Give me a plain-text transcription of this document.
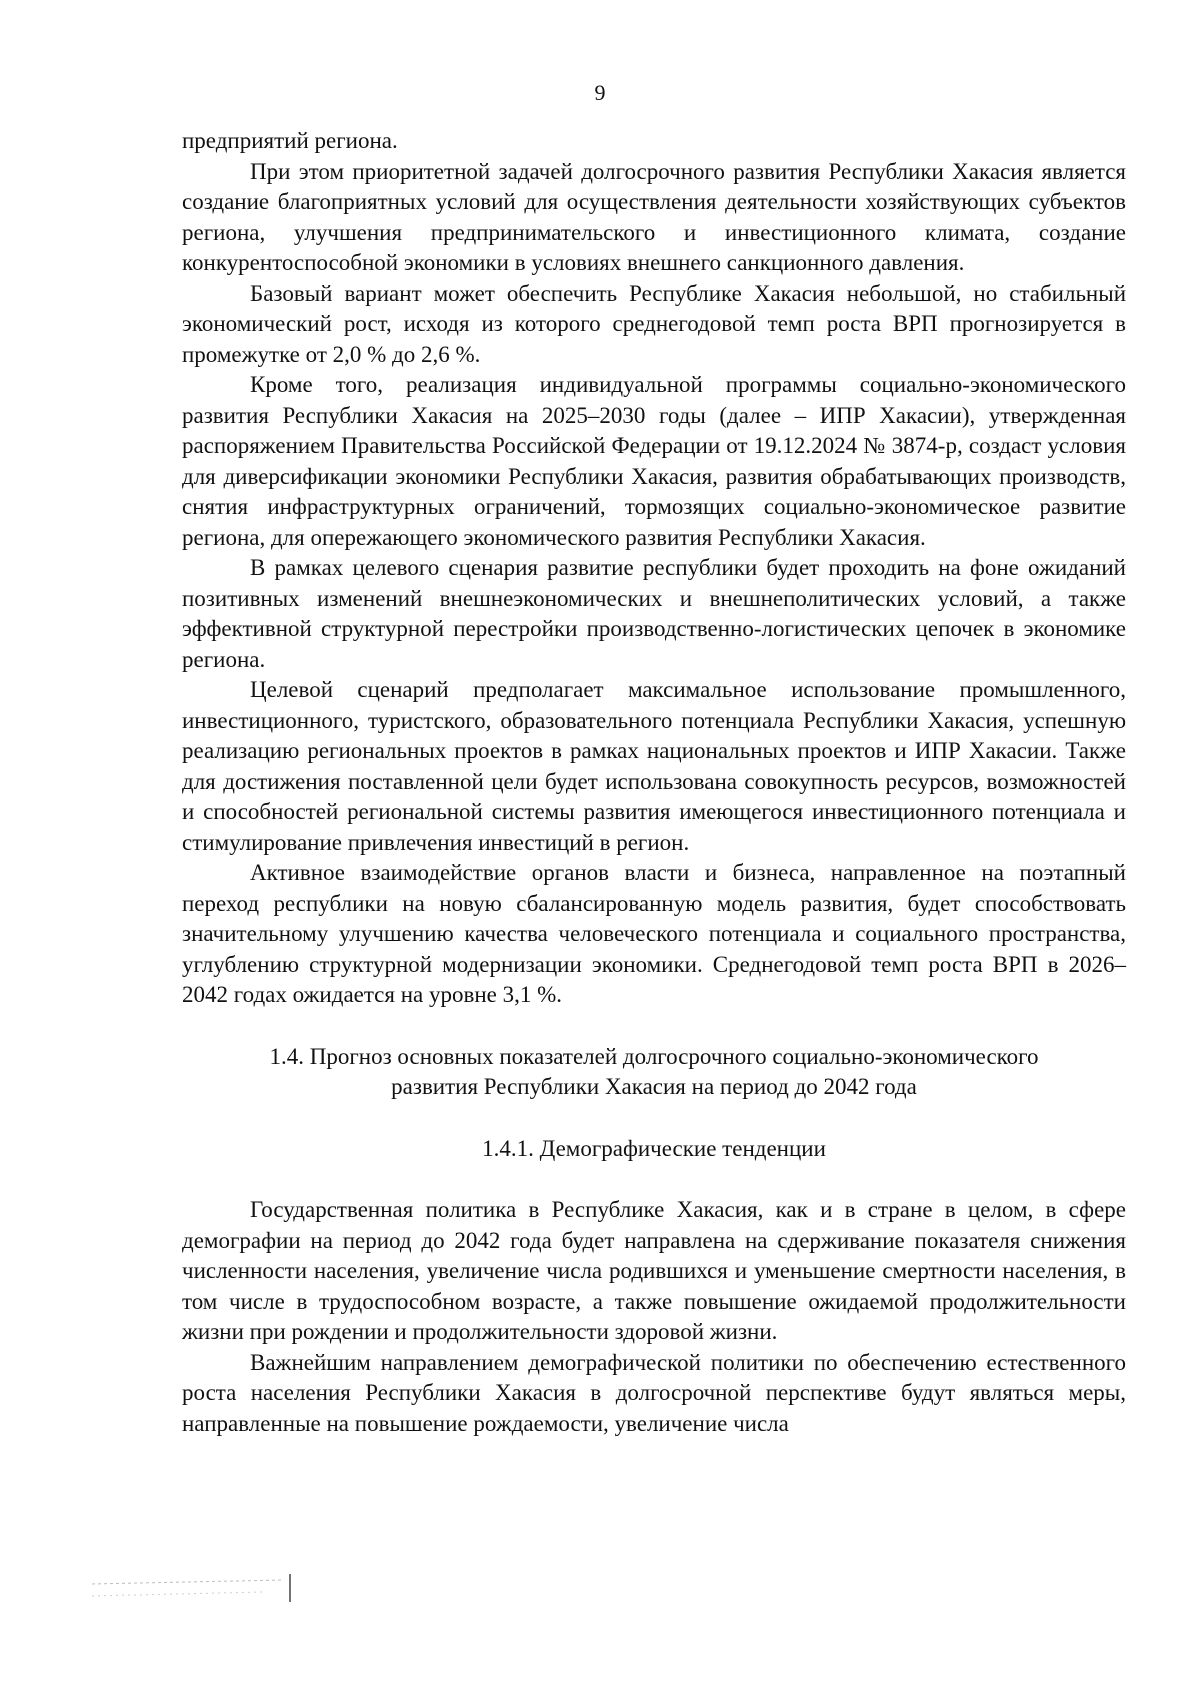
9

предприятий региона.

При этом приоритетной задачей долгосрочного развития Республики Хакасия является создание благоприятных условий для осуществления деятельности хозяйствующих субъектов региона, улучшения предпринимательского и инвестиционного климата, создание конкурентоспособной экономики в условиях внешнего санкционного давления.

Базовый вариант может обеспечить Республике Хакасия небольшой, но стабильный экономический рост, исходя из которого среднегодовой темп роста ВРП прогнозируется в промежутке от 2,0 % до 2,6 %.

Кроме того, реализация индивидуальной программы социально-экономического развития Республики Хакасия на 2025–2030 годы (далее – ИПР Хакасии), утвержденная распоряжением Правительства Российской Федерации от 19.12.2024 № 3874-р, создаст условия для диверсификации экономики Республики Хакасия, развития обрабатывающих производств, снятия инфраструктурных ограничений, тормозящих социально-экономическое развитие региона, для опережающего экономического развития Республики Хакасия.

В рамках целевого сценария развитие республики будет проходить на фоне ожиданий позитивных изменений внешнеэкономических и внешнеполитических условий, а также эффективной структурной перестройки производственно-логистических цепочек в экономике региона.

Целевой сценарий предполагает максимальное использование промышленного, инвестиционного, туристского, образовательного потенциала Республики Хакасия, успешную реализацию региональных проектов в рамках национальных проектов и ИПР Хакасии. Также для достижения поставленной цели будет использована совокупность ресурсов, возможностей и способностей региональной системы развития имеющегося инвестиционного потенциала и стимулирование привлечения инвестиций в регион.

Активное взаимодействие органов власти и бизнеса, направленное на поэтапный переход республики на новую сбалансированную модель развития, будет способствовать значительному улучшению качества человеческого потенциала и социального пространства, углублению структурной модернизации экономики. Среднегодовой темп роста ВРП в 2026–2042 годах ожидается на уровне 3,1 %.

1.4. Прогноз основных показателей долгосрочного социально-экономического
развития Республики Хакасия на период до 2042 года
1.4.1. Демографические тенденции

Государственная политика в Республике Хакасия, как и в стране в целом, в сфере демографии на период до 2042 года будет направлена на сдерживание показателя снижения численности населения, увеличение числа родившихся и уменьшение смертности населения, в том числе в трудоспособном возрасте, а также повышение ожидаемой продолжительности жизни при рождении и продолжительности здоровой жизни.

Важнейшим направлением демографической политики по обеспечению естественного роста населения Республики Хакасия в долгосрочной перспективе будут являться меры, направленные на повышение рождаемости, увеличение числа
